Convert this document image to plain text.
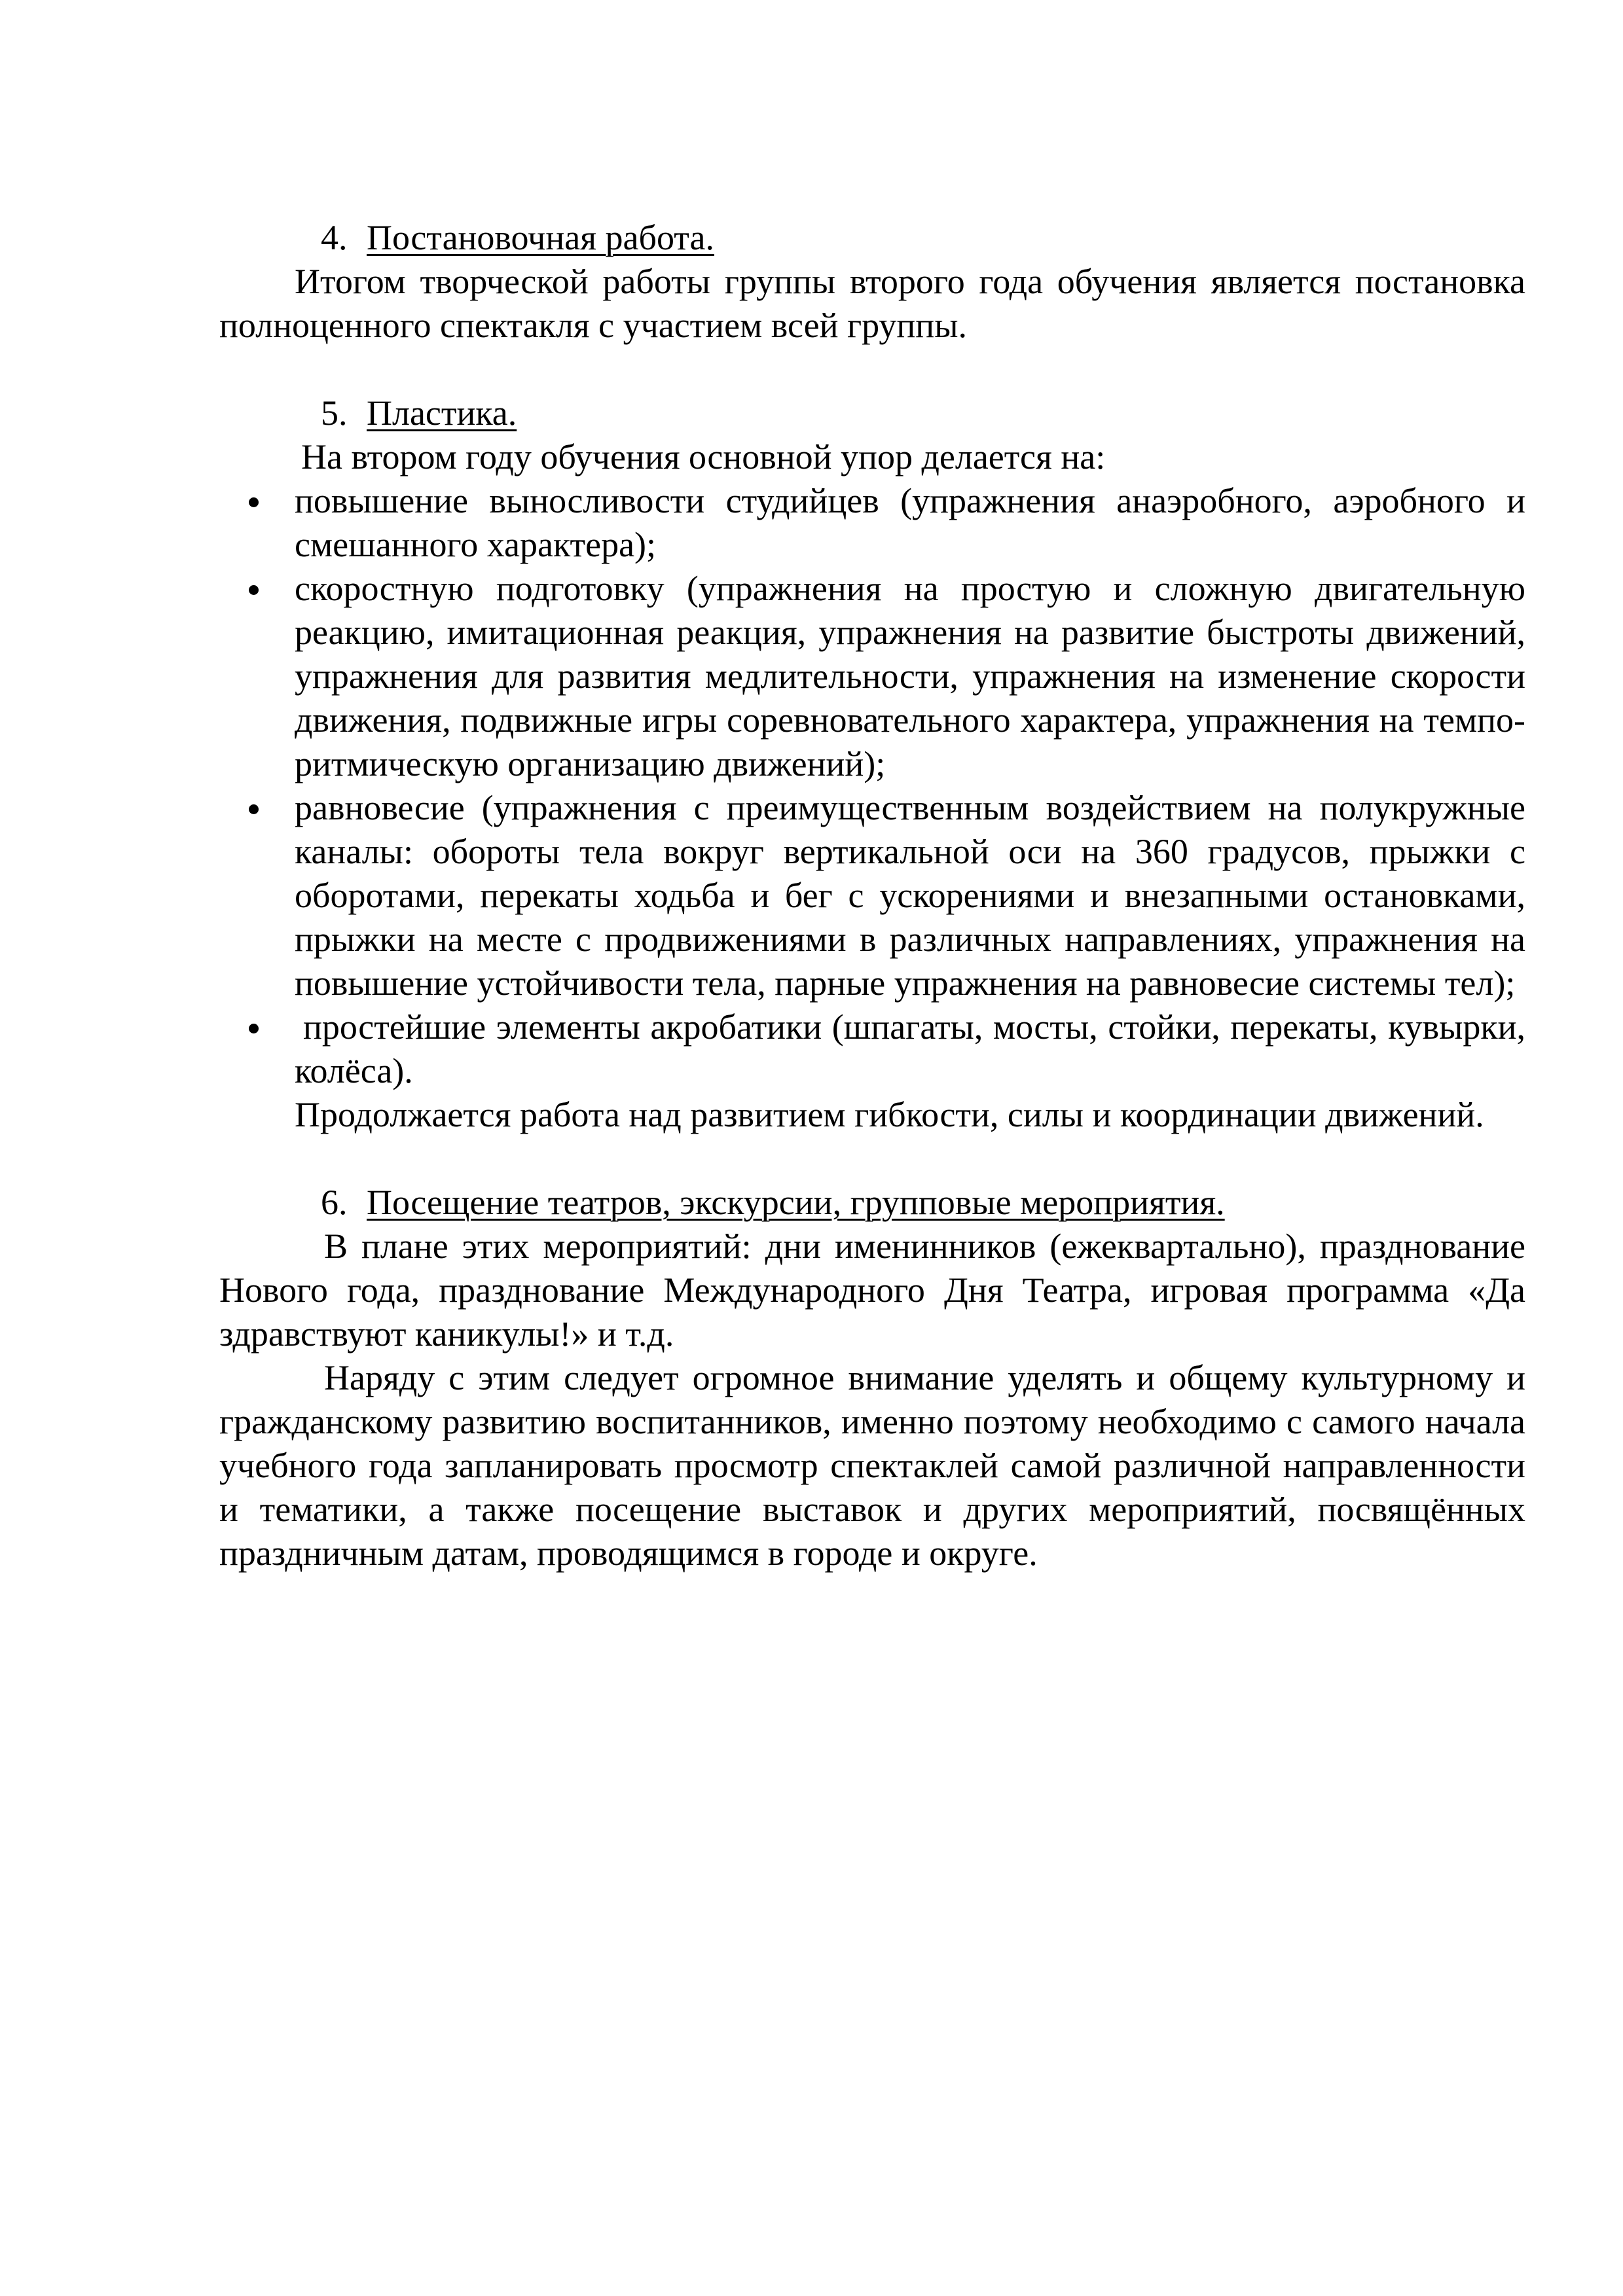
4. Постановочная работа.

Итогом творческой работы группы второго года обучения является постановка полноценного спектакля с участием всей группы.

5. Пластика.

На втором году обучения основной упор делается на:

повышение выносливости студийцев (упражнения анаэробного, аэробного и смешанного характера);
скоростную подготовку (упражнения на простую и сложную двигательную реакцию, имитационная реакция, упражнения на развитие быстроты движений, упражнения для развития медлительности, упражнения на изменение скорости движения, подвижные игры соревновательного характера, упражнения на темпо-ритмическую организацию движений);
равновесие (упражнения с преимущественным воздействием на полукружные каналы: обороты тела вокруг вертикальной оси на 360 градусов, прыжки с оборотами, перекаты ходьба и бег с ускорениями и внезапными остановками, прыжки на месте с продвижениями в различных направлениях, упражнения на повышение устойчивости тела, парные упражнения на равновесие системы тел);
простейшие элементы акробатики (шпагаты, мосты, стойки, перекаты, кувырки, колёса).

Продолжается работа над развитием гибкости, силы и координации движений.

6. Посещение театров, экскурсии, групповые мероприятия.

В плане этих мероприятий: дни именинников (ежеквартально), празднование Нового года, празднование Международного Дня Театра, игровая программа «Да здравствуют каникулы!» и т.д.

Наряду с этим следует огромное внимание уделять и общему культурному и гражданскому развитию воспитанников, именно поэтому необходимо с самого начала учебного года запланировать просмотр спектаклей самой различной направленности и тематики, а также посещение выставок и других мероприятий, посвящённых праздничным датам, проводящимся в городе и округе.
